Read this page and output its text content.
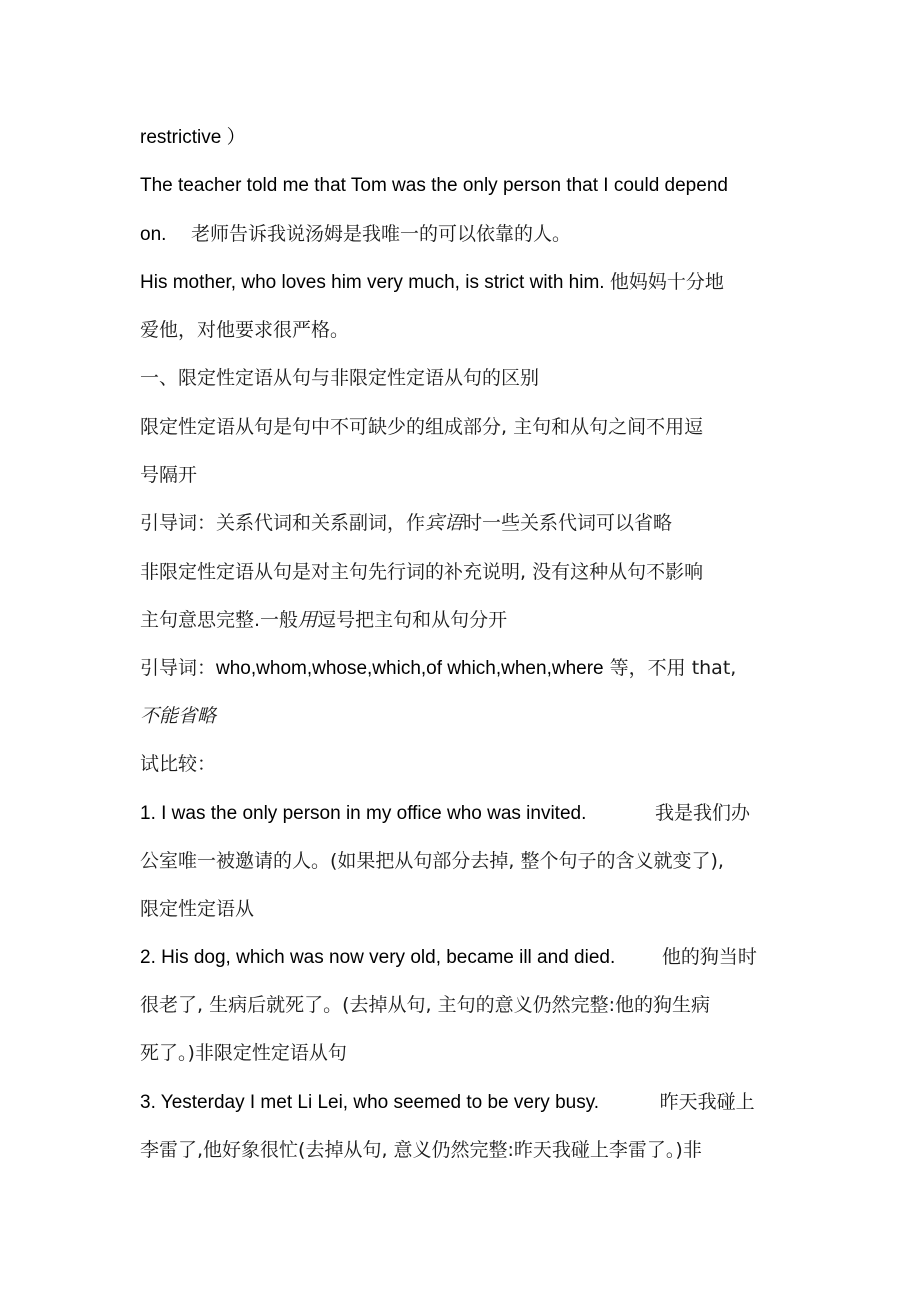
restrictive ）
The teacher told me that Tom was the only person that I could depend
on. 老师告诉我说汤姆是我唯一的可以依靠的人。
His mother, who loves him very much, is strict with him. 他妈妈十分地
爱他，对他要求很严格。
一、限定性定语从句与非限定性定语从句的区别
限定性定语从句是句中不可缺少的组成部分, 主句和从句之间不用逗
号隔开
引导词：关系代词和关系副词，作宾语时一些关系代词可以省略
非限定性定语从句是对主句先行词的补充说明, 没有这种从句不影响
主句意思完整.一般用逗号把主句和从句分开
引导词：who,whom,whose,which,of which,when,where 等，不用 that,
不能省略
试比较：
1. I was the only person in my office who was invited.	我是我们办
公室唯一被邀请的人。(如果把从句部分去掉, 整个句子的含义就变了),
限定性定语从
2. His dog, which was now very old, became ill and died. 他的狗当时
很老了, 生病后就死了。(去掉从句, 主句的意义仍然完整:他的狗生病
死了。)非限定性定语从句
3. Yesterday I met Li Lei, who seemed to be very busy.	昨天我碰上
李雷了,他好象很忙(去掉从句, 意义仍然完整:昨天我碰上李雷了。)非
